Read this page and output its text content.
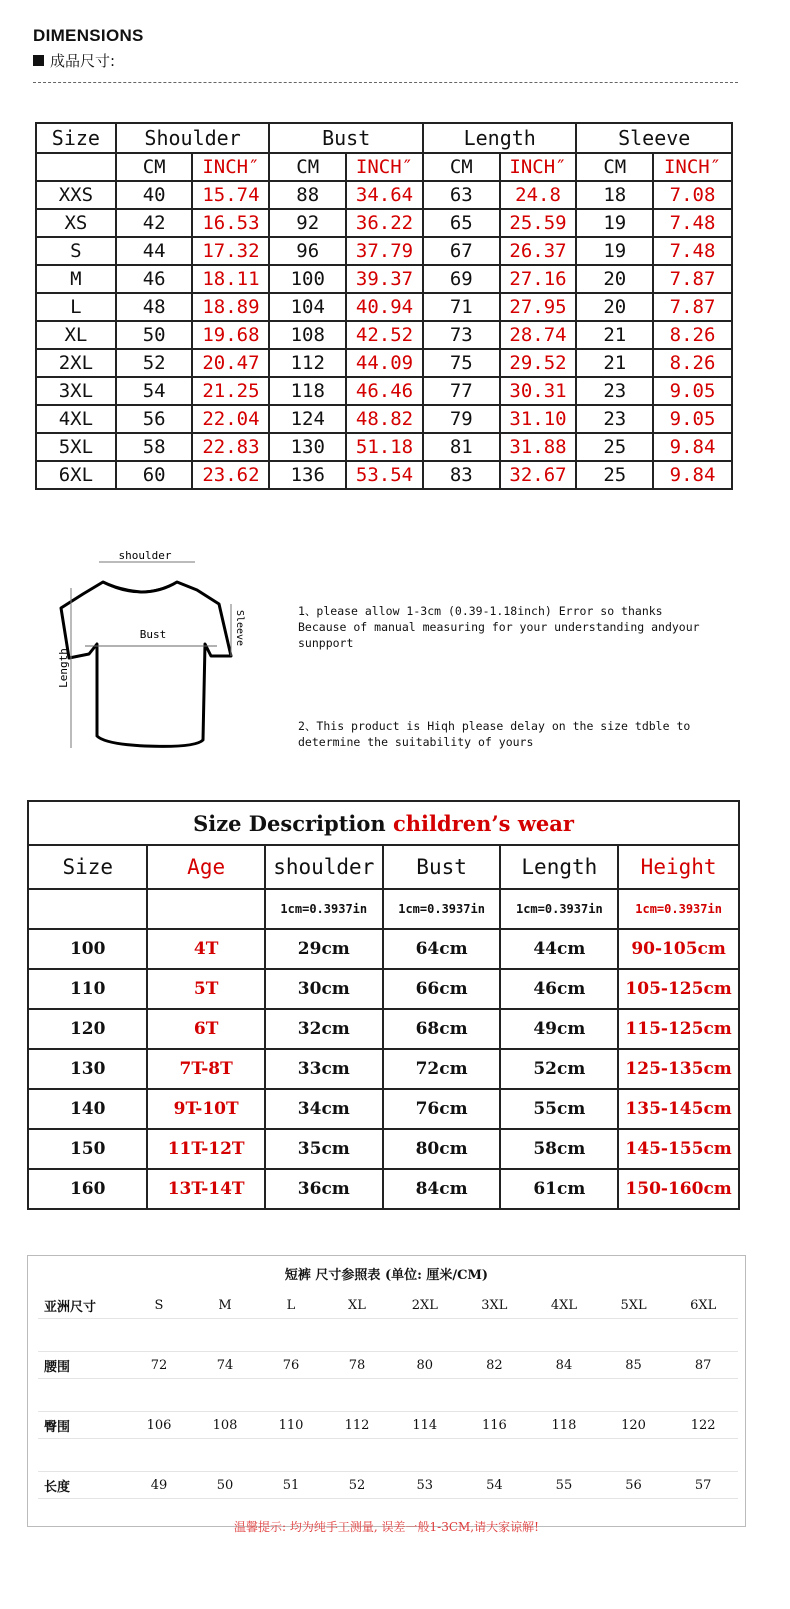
DIMENSIONS
成品尺寸:
Size	Shoulder		Bust		Length		Sleeve	
	CM	INCH″	CM	INCH″	CM	INCH″	CM	INCH″
XXS	40	15.74	88	34.64	63	24.8	18	7.08
XS	42	16.53	92	36.22	65	25.59	19	7.48
S	44	17.32	96	37.79	67	26.37	19	7.48
M	46	18.11	100	39.37	69	27.16	20	7.87
L	48	18.89	104	40.94	71	27.95	20	7.87
XL	50	19.68	108	42.52	73	28.74	21	8.26
2XL	52	20.47	112	44.09	75	29.52	21	8.26
3XL	54	21.25	118	46.46	77	30.31	23	9.05
4XL	56	22.04	124	48.82	79	31.10	23	9.05
5XL	58	22.83	130	51.18	81	31.88	25	9.84
6XL	60	23.62	136	53.54	83	32.67	25	9.84
shoulder
Bust
Length
Sleeve	1、please allow 1-3cm (0.39-1.18inch) Error so thanks

Because of manual measuring for your understanding andyour

sunpport

2、This product is Hiqh please delay on the size tdble to

determine the suitability of yours

Size Description children’s wear					
Size	Age	shoulder	Bust	Length	Height
		1cm=0.3937in	1cm=0.3937in	1cm=0.3937in	1cm=0.3937in
100	4T	29cm	64cm	44cm	90-105cm
110	5T	30cm	66cm	46cm	105-125cm
120	6T	32cm	68cm	49cm	115-125cm
130	7T-8T	33cm	72cm	52cm	125-135cm
140	9T-10T	34cm	76cm	55cm	135-145cm
150	11T-12T	35cm	80cm	58cm	145-155cm
160	13T-14T	36cm	84cm	61cm	150-160cm
短裤 尺寸参照表 (单位: 厘米/CM)
亚洲尺寸	S	M	L	XL	2XL	3XL	4XL	5XL	6XL

腰围	72	74	76	78	80	82	84	85	87

臀围	106	108	110	112	114	116	118	120	122

长度	49	50	51	52	53	54	55	56	57
温馨提示: 均为纯手工测量, 误差一般1-3CM,请大家谅解!
